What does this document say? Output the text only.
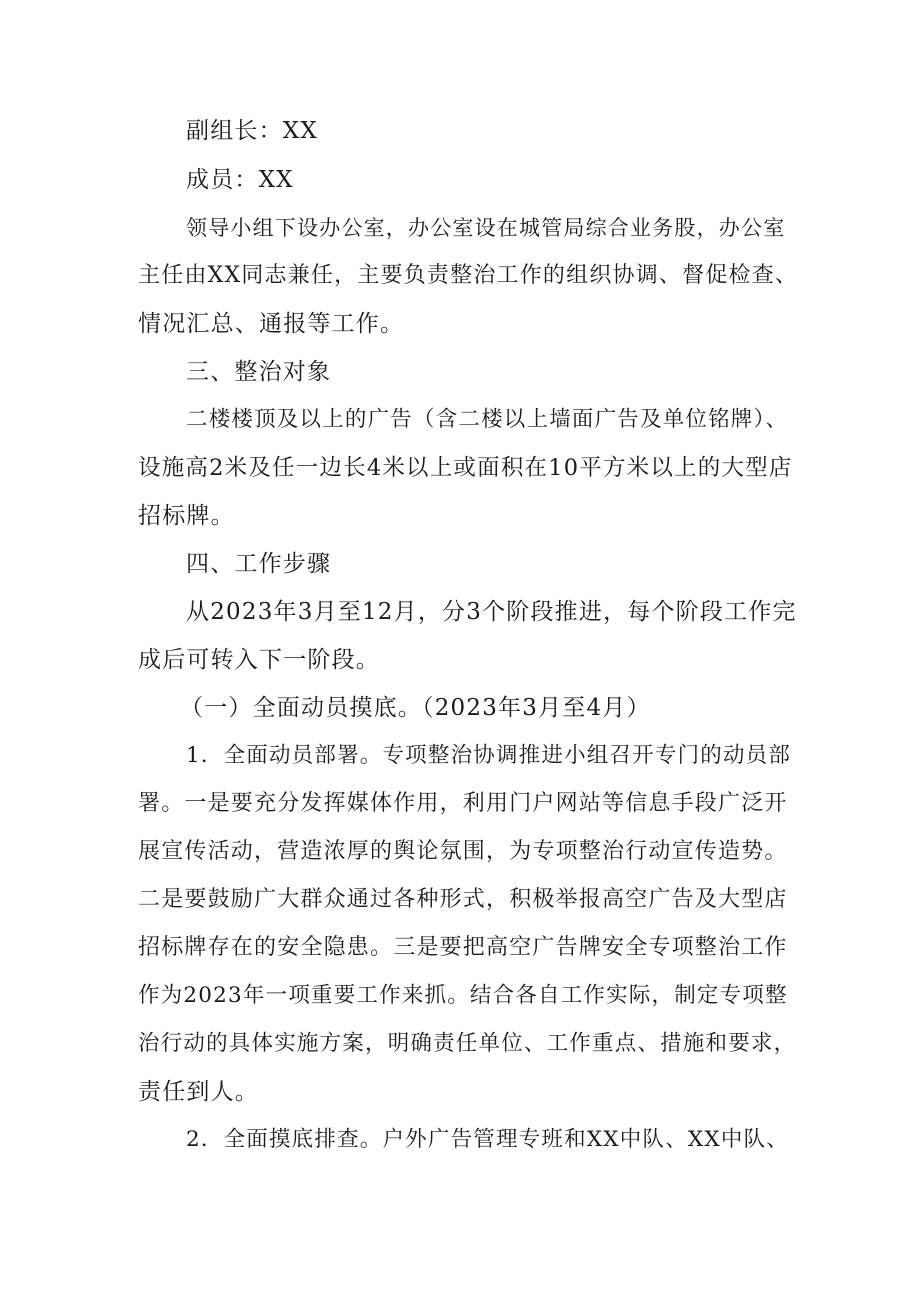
副组长：XX
成员：XX
领导小组下设办公室，办公室设在城管局综合业务股，办公室
主任由XX同志兼任，主要负责整治工作的组织协调、督促检查、
情况汇总、通报等工作。
三、整治对象
二楼楼顶及以上的广告（含二楼以上墙面广告及单位铭牌）、
设施高2米及任一边长4米以上或面积在10平方米以上的大型店
招标牌。
四、工作步骤
从2023年3月至12月，分3个阶段推进，每个阶段工作完
成后可转入下一阶段。
（一）全面动员摸底。（2023年3月至4月）
1．全面动员部署。专项整治协调推进小组召开专门的动员部
署。一是要充分发挥媒体作用，利用门户网站等信息手段广泛开
展宣传活动，营造浓厚的舆论氛围，为专项整治行动宣传造势。
二是要鼓励广大群众通过各种形式，积极举报高空广告及大型店
招标牌存在的安全隐患。三是要把高空广告牌安全专项整治工作
作为2023年一项重要工作来抓。结合各自工作实际，制定专项整
治行动的具体实施方案，明确责任单位、工作重点、措施和要求，
责任到人。
2．全面摸底排查。户外广告管理专班和XX中队、XX中队、
